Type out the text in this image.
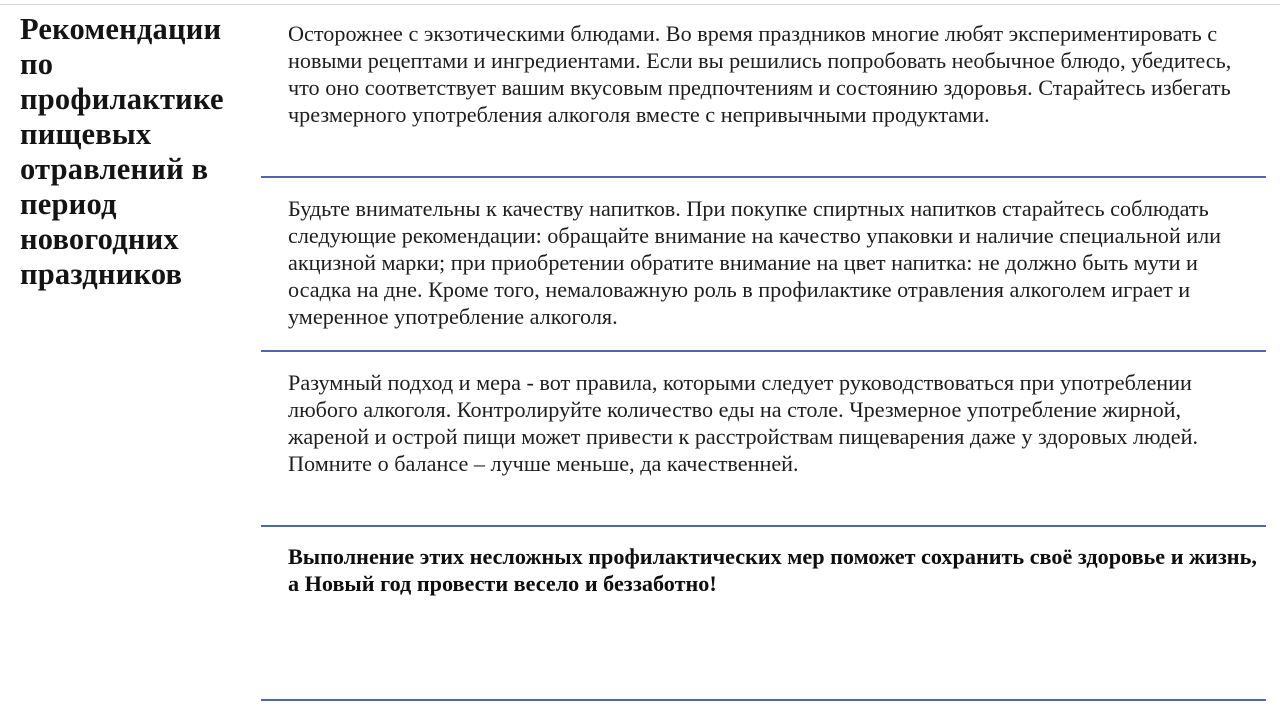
Рекомендации по профилактике пищевых отравлений в период новогодних праздников

Осторожнее с экзотическими блюдами. Во время праздников многие любят экспериментировать с новыми рецептами и ингредиентами. Если вы решились попробовать необычное блюдо, убедитесь, что оно соответствует вашим вкусовым предпочтениям и состоянию здоровья. Старайтесь избегать чрезмерного употребления алкоголя вместе с непривычными продуктами.

Будьте внимательны к качеству напитков. При покупке спиртных напитков старайтесь соблюдать следующие рекомендации: обращайте внимание на качество упаковки и наличие специальной или акцизной марки; при приобретении обратите внимание на цвет напитка: не должно быть мути и осадка на дне. Кроме того, немаловажную роль в профилактике отравления алкоголем играет и умеренное употребление алкоголя.

Разумный подход и мера - вот правила, которыми следует руководствоваться при употреблении любого алкоголя. Контролируйте количество еды на столе. Чрезмерное употребление жирной, жареной и острой пищи может привести к расстройствам пищеварения даже у здоровых людей. Помните о балансе – лучше меньше, да качественней.

Выполнение этих несложных профилактических мер поможет сохранить своё здоровье и жизнь, а Новый год провести весело и беззаботно!
